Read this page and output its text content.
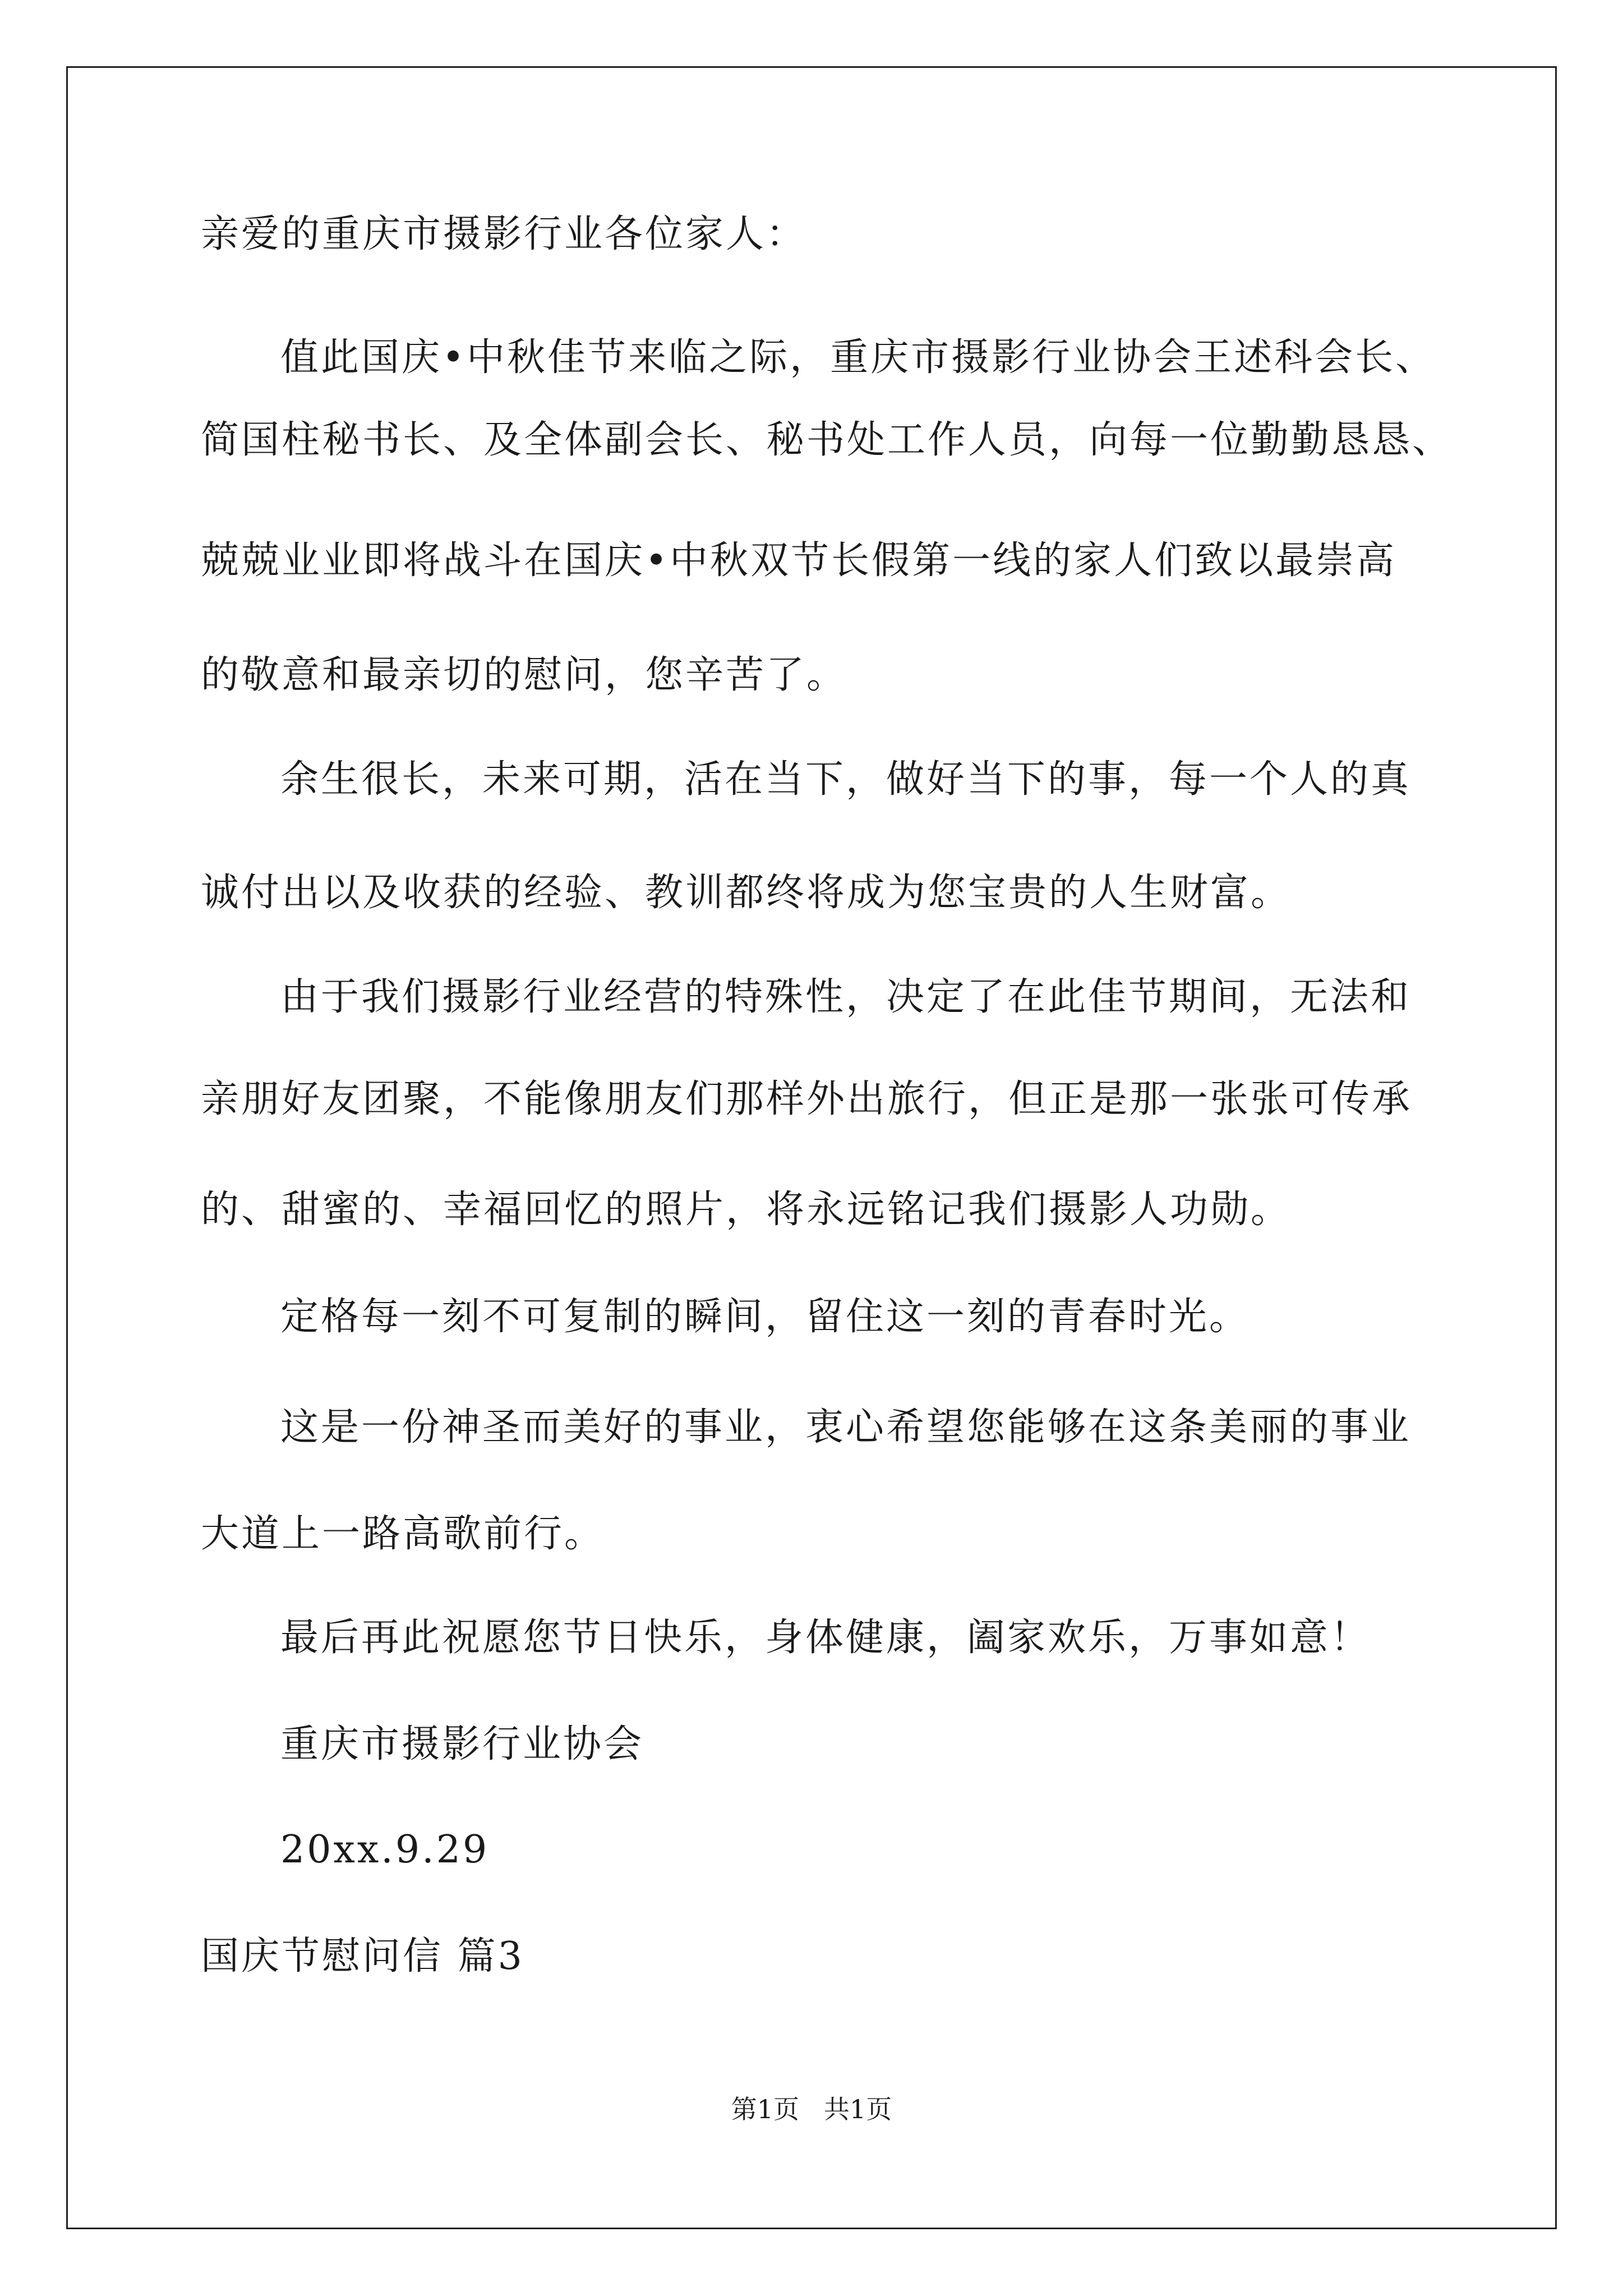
亲爱的重庆市摄影行业各位家人：
值此国庆•中秋佳节来临之际，重庆市摄影行业协会王述科会长、
简国柱秘书长、及全体副会长、秘书处工作人员，向每一位勤勤恳恳、
兢兢业业即将战斗在国庆•中秋双节长假第一线的家人们致以最崇高
的敬意和最亲切的慰问，您辛苦了。
余生很长，未来可期，活在当下，做好当下的事，每一个人的真
诚付出以及收获的经验、教训都终将成为您宝贵的人生财富。
由于我们摄影行业经营的特殊性，决定了在此佳节期间，无法和
亲朋好友团聚，不能像朋友们那样外出旅行，但正是那一张张可传承
的、甜蜜的、幸福回忆的照片，将永远铭记我们摄影人功勋。
定格每一刻不可复制的瞬间，留住这一刻的青春时光。
这是一份神圣而美好的事业，衷心希望您能够在这条美丽的事业
大道上一路高歌前行。
最后再此祝愿您节日快乐，身体健康，阖家欢乐，万事如意！
重庆市摄影行业协会
20xx.9.29
国庆节慰问信 篇3
第1页   共1页
